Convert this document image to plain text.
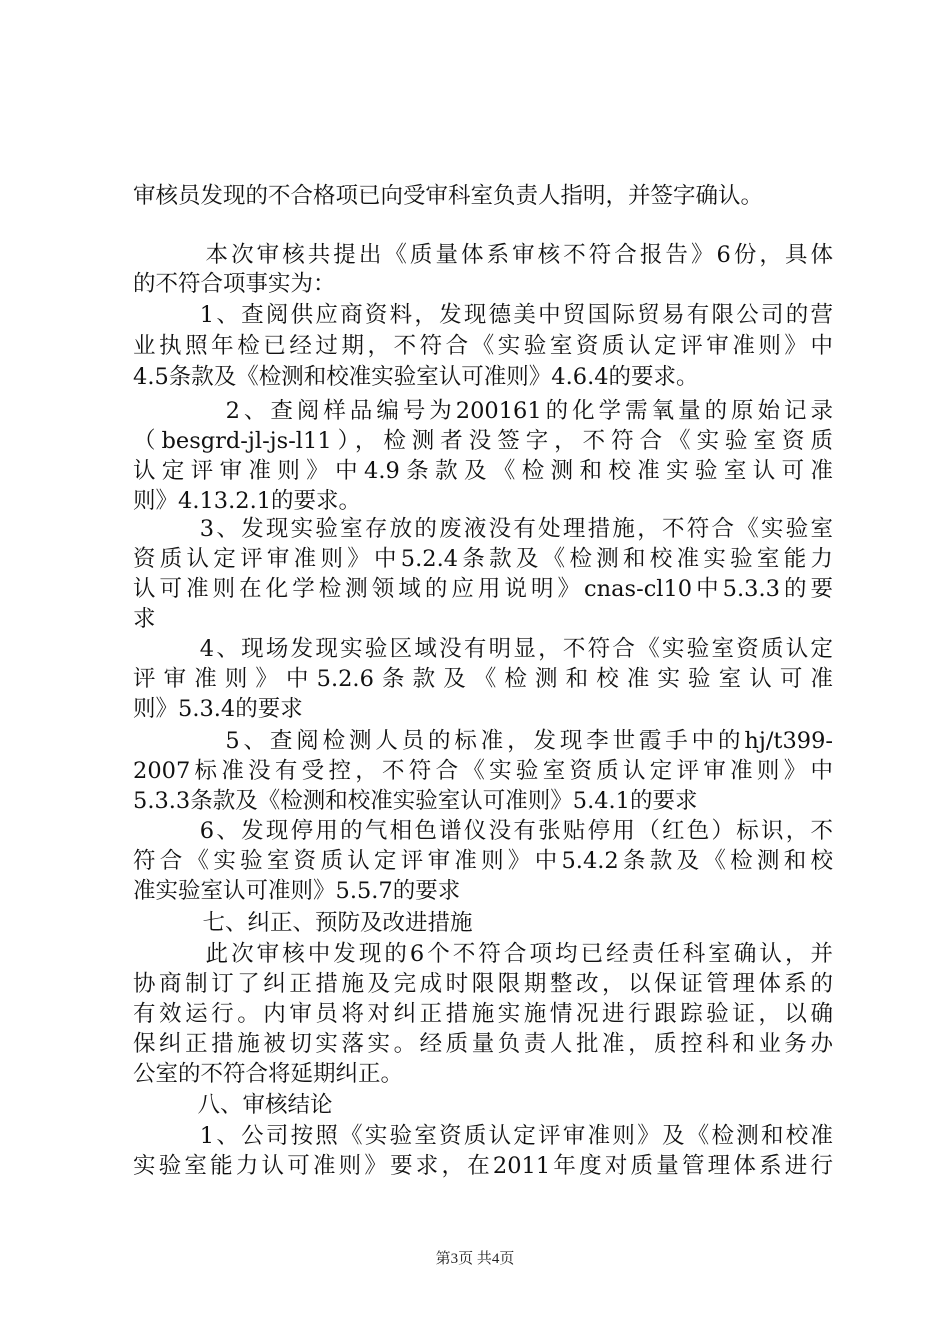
审核员发现的不合格项已向受审科室负责人指明，并签字确认。
　本次审核共提出《质量体系审核不符合报告》6份，具体
的不符合项事实为：
　1、查阅供应商资料，发现德美中贸国际贸易有限公司的营
业执照年检已经过期，不符合《实验室资质认定评审准则》中
4.5条款及《检测和校准实验室认可准则》4.6.4的要求。
　 2、查阅样品编号为200161的化学需氧量的原始记录
（besgrd-jl-js-l11），检测者没签字，不符合《实验室资质
认定评审准则》中4.9条款及《检测和校准实验室认可准
则》4.13.2.1的要求。
　3、发现实验室存放的废液没有处理措施，不符合《实验室
资质认定评审准则》中5.2.4条款及《检测和校准实验室能力
认可准则在化学检测领域的应用说明》cnas-cl10中5.3.3的要
求
　4、现场发现实验区域没有明显，不符合《实验室资质认定
评审准则》中5.2.6条款及《检测和校准实验室认可准
则》5.3.4的要求
　 5、查阅检测人员的标准，发现李世霞手中的hj/t399-
2007标准没有受控，不符合《实验室资质认定评审准则》中
5.3.3条款及《检测和校准实验室认可准则》5.4.1的要求
　6、发现停用的气相色谱仪没有张贴停用（红色）标识，不
符合《实验室资质认定评审准则》中5.4.2条款及《检测和校
准实验室认可准则》5.5.7的要求
　七、纠正、预防及改进措施
　此次审核中发现的6个不符合项均已经责任科室确认，并
协商制订了纠正措施及完成时限限期整改，以保证管理体系的
有效运行。内审员将对纠正措施实施情况进行跟踪验证，以确
保纠正措施被切实落实。经质量负责人批准，质控科和业务办
公室的不符合将延期纠正。
　八、审核结论
　1、公司按照《实验室资质认定评审准则》及《检测和校准
实验室能力认可准则》要求，在2011年度对质量管理体系进行
第3页 共4页
